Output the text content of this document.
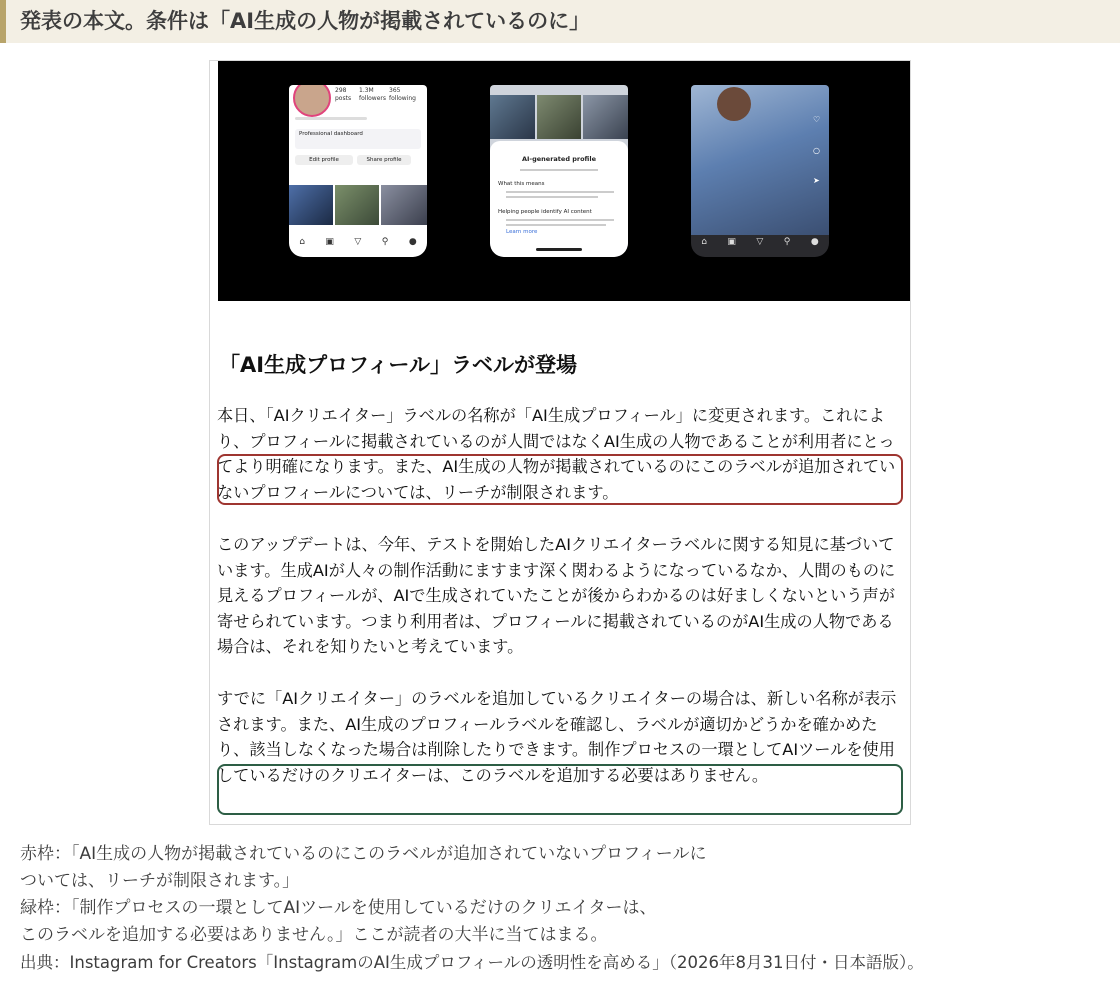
発表の本文。条件は「AI生成の人物が掲載されているのに」
298 1.3M	365
posts followers following
Professional dashboard
Edit profile	Share profile
⌂ ▣ ▽ ⚲ ●
AI-generated profile
What this means
Helping people identify AI content
Learn more
♡
○
➤
⌂ ▣ ▽ ⚲ ●
「AI生成プロフィール」ラベルが登場

本日、「AIクリエイター」ラベルの名称が「AI生成プロフィール」に変更されます。これにより、プロフィールに掲載されているのが人間ではなくAI生成の人物であることが利用者にとってより明確になります。また、AI生成の人物が掲載されているのにこのラベルが追加されていないプロフィールについては、リーチが制限されます。

このアップデートは、今年、テストを開始したAIクリエイターラベルに関する知見に基づいています。生成AIが人々の制作活動にますます深く関わるようになっているなか、人間のものに見えるプロフィールが、AIで生成されていたことが後からわかるのは好ましくないという声が寄せられています。つまり利用者は、プロフィールに掲載されているのがAI生成の人物である場合は、それを知りたいと考えています。

すでに「AIクリエイター」のラベルを追加しているクリエイターの場合は、新しい名称が表示されます。また、AI生成のプロフィールラベルを確認し、ラベルが適切かどうかを確かめたり、該当しなくなった場合は削除したりできます。制作プロセスの一環としてAIツールを使用しているだけのクリエイターは、このラベルを追加する必要はありません。

赤枠：「AI生成の人物が掲載されているのにこのラベルが追加されていないプロフィールに

ついては、リーチが制限されます。」

緑枠：「制作プロセスの一環としてAIツールを使用しているだけのクリエイターは、

このラベルを追加する必要はありません。」ここが読者の大半に当てはまる。

出典：Instagram for Creators「InstagramのAI生成プロフィールの透明性を高める」（2026年8月31日付・日本語版）。
